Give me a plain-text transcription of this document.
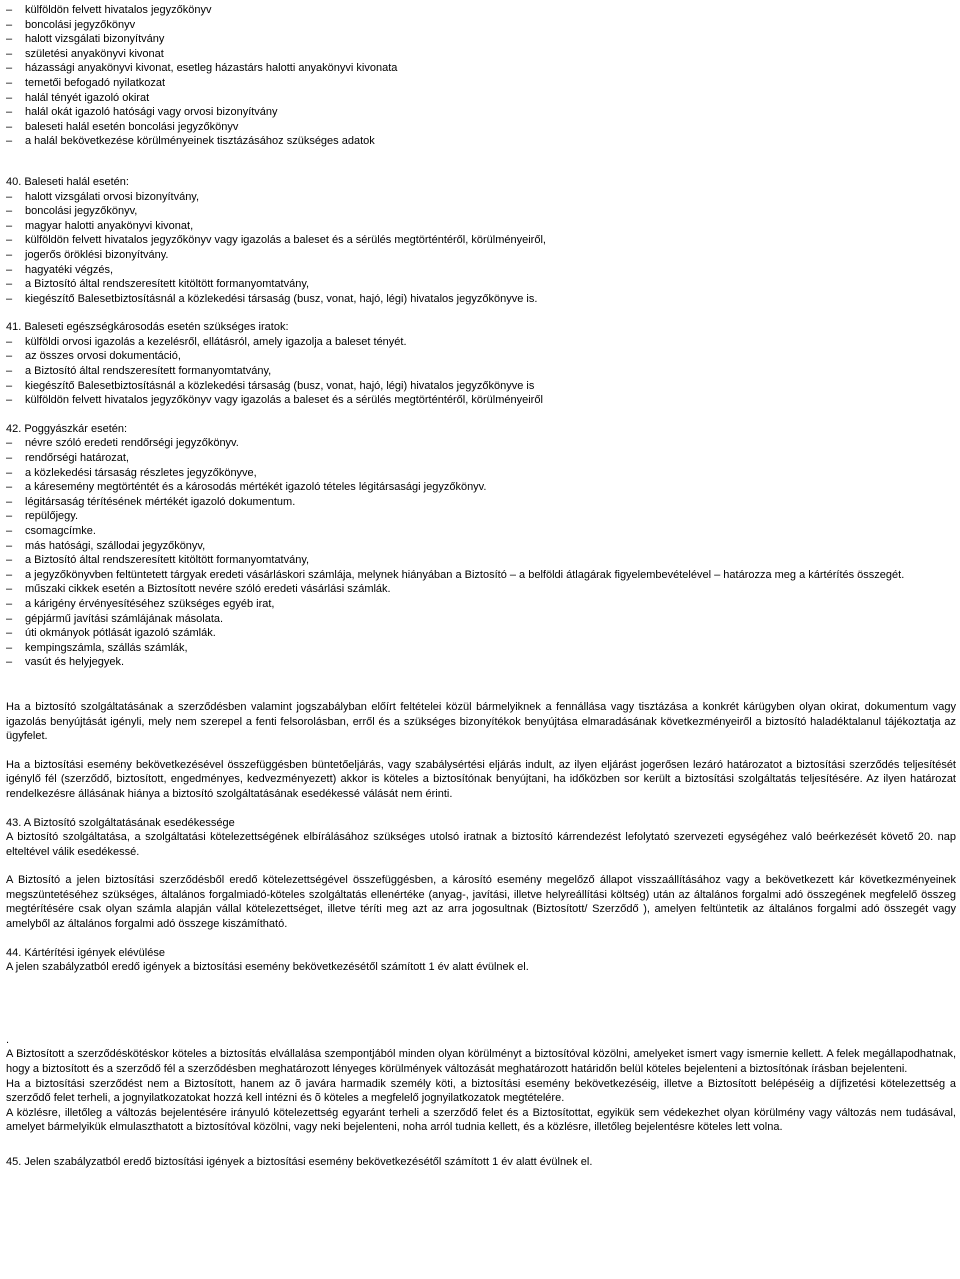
– külföldön felvett hivatalos jegyzőkönyv
– boncolási jegyzőkönyv
– halott vizsgálati bizonyítvány
– születési anyakönyvi kivonat
– házassági anyakönyvi kivonat, esetleg házastárs halotti anyakönyvi kivonata
– temetői befogadó nyilatkozat
– halál tényét igazoló okirat
– halál okát igazoló hatósági vagy orvosi bizonyítvány
– baleseti halál esetén boncolási jegyzőkönyv
– a halál bekövetkezése körülményeinek tisztázásához szükséges adatok
40. Baleseti halál esetén:
– halott vizsgálati orvosi bizonyítvány,
– boncolási jegyzőkönyv,
– magyar halotti anyakönyvi kivonat,
– külföldön felvett hivatalos jegyzőkönyv vagy igazolás a baleset és a sérülés megtörténtéről, körülményeiről,
– jogerős öröklési bizonyítvány.
– hagyatéki végzés,
– a Biztosító által rendszeresített kitöltött formanyomtatvány,
– kiegészítő Balesetbiztosításnál a közlekedési társaság (busz, vonat, hajó, légi) hivatalos jegyzőkönyve is.
41. Baleseti egészségkárosodás esetén szükséges iratok:
– külföldi orvosi igazolás a kezelésről, ellátásról, amely igazolja a baleset tényét.
– az összes orvosi dokumentáció,
– a Biztosító által rendszeresített formanyomtatvány,
– kiegészítő Balesetbiztosításnál a közlekedési társaság (busz, vonat, hajó, légi) hivatalos jegyzőkönyve is
– külföldön felvett hivatalos jegyzőkönyv vagy igazolás a baleset és a sérülés megtörténtéről, körülményeiről
42. Poggyászkár esetén:
– névre szóló eredeti rendőrségi jegyzőkönyv.
– rendőrségi határozat,
– a közlekedési társaság részletes jegyzőkönyve,
– a káresemény megtörténtét és a károsodás mértékét igazoló tételes légitársasági jegyzőkönyv.
– légitársaság térítésének mértékét igazoló dokumentum.
– repülőjegy.
– csomagcímke.
– más hatósági, szállodai jegyzőkönyv,
– a Biztosító által rendszeresített kitöltött formanyomtatvány,
– a jegyzőkönyvben feltüntetett tárgyak eredeti vásárláskori számlája, melynek hiányában a Biztosító – a belföldi átlagárak figyelembevételével – határozza meg a kártérítés összegét.
– műszaki cikkek esetén a Biztosított nevére szóló eredeti vásárlási számlák.
– a kárigény érvényesítéséhez szükséges egyéb irat,
– gépjármű javítási számlájának másolata.
– úti okmányok pótlását igazoló számlák.
– kempingszámla, szállás számlák,
– vasút és helyjegyek.
Ha a biztosító szolgáltatásának a szerződésben valamint jogszabályban előírt feltételei közül bármelyiknek a fennállása vagy tisztázása a konkrét kárügyben olyan okirat, dokumentum vagy igazolás benyújtását igényli, mely nem szerepel a fenti felsorolásban, erről és a szükséges bizonyítékok benyújtása elmaradásának következményeiről a biztosító haladéktalanul tájékoztatja az ügyfelet.
Ha a biztosítási esemény bekövetkezésével összefüggésben büntetőeljárás, vagy szabálysértési eljárás indult, az ilyen eljárást jogerősen lezáró határozatot a biztosítási szerződés teljesítését igénylő fél (szerződő, biztosított, engedményes, kedvezményezett) akkor is köteles a biztosítónak benyújtani, ha időközben sor került a biztosítási szolgáltatás teljesítésére. Az ilyen határozat rendelkezésre állásának hiánya a biztosító szolgáltatásának esedékessé válását nem érinti.
43. A Biztosító szolgáltatásának esedékessége
A biztosító szolgáltatása, a szolgáltatási kötelezettségének elbírálásához szükséges utolsó iratnak a biztosító kárrendezést lefolytató szervezeti egységéhez való beérkezését követő 20. nap elteltével válik esedékessé.
A Biztosító a jelen biztosítási szerződésből eredő kötelezettségével összefüggésben, a károsító esemény megelőző állapot visszaállításához vagy a bekövetkezett kár következményeinek megszüntetéséhez szükséges, általános forgalmiadó-köteles szolgáltatás ellenértéke (anyag-, javítási, illetve helyreállítási költség) után az általános forgalmi adó összegének megfelelő összeg megtérítésére csak olyan számla alapján vállal kötelezettséget, illetve téríti meg azt az arra jogosultnak (Biztosított/ Szerződő ), amelyen feltüntetik az általános forgalmi adó összegét vagy amelyből az általános forgalmi adó összege kiszámítható.
44. Kártérítési igények elévülése
A jelen szabályzatból eredő igények a biztosítási esemény bekövetkezésétől számított 1 év alatt évülnek el.
.
A Biztosított a szerződéskötéskor köteles a biztosítás elvállalása szempontjából minden olyan körülményt a biztosítóval közölni, amelyeket ismert vagy ismernie kellett. A felek megállapodhatnak, hogy a biztosított és a szerződő fél a szerződésben meghatározott lényeges körülmények változását meghatározott határidőn belül köteles bejelenteni a biztosítónak írásban bejelenteni.
Ha a biztosítási szerződést nem a Biztosított, hanem az õ javára harmadik személy köti, a biztosítási esemény bekövetkezéséig, illetve a Biztosított belépéséig a díjfizetési kötelezettség a szerződő felet terheli, a jognyilatkozatokat hozzá kell intézni és õ köteles a megfelelő jognyilatkozatok megtételére.
A közlésre, illetőleg a változás bejelentésére irányuló kötelezettség egyaránt terheli a szerződő felet és a Biztosítottat, egyikük sem védekezhet olyan körülmény vagy változás nem tudásával, amelyet bármelyikük elmulaszthatott a biztosítóval közölni, vagy neki bejelenteni, noha arról tudnia kellett, és a közlésre, illetőleg bejelentésre köteles lett volna.
45. Jelen szabályzatból eredő biztosítási igények a biztosítási esemény bekövetkezésétől számított 1 év alatt évülnek el.
